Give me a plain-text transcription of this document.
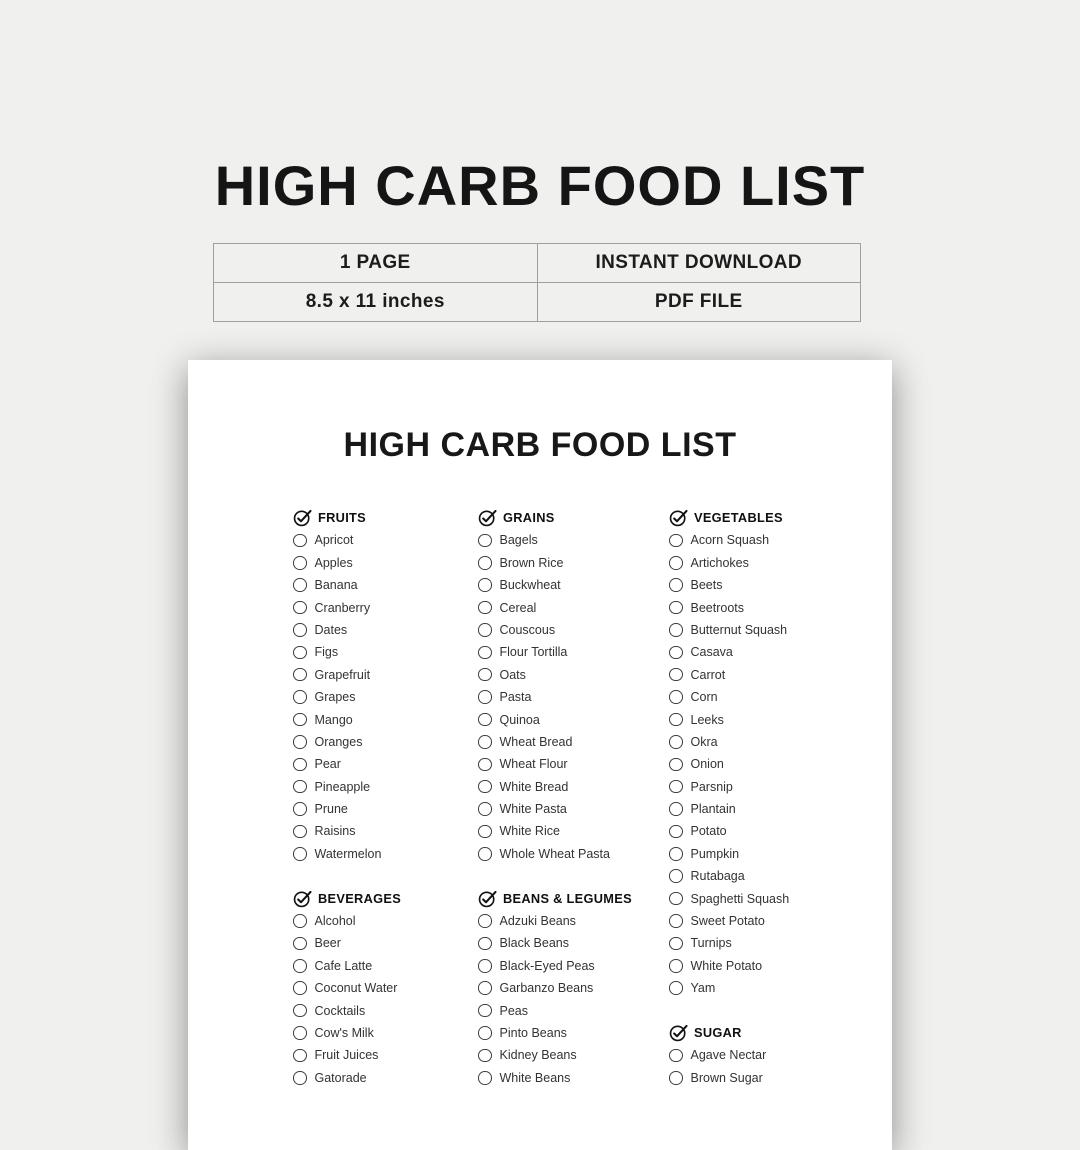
HIGH CARB FOOD LIST
1 PAGE	INSTANT DOWNLOAD
8.5 x 11 inches	PDF FILE
HIGH CARB FOOD LIST
FRUITS
Apricot
Apples
Banana
Cranberry
Dates
Figs
Grapefruit
Grapes
Mango
Oranges
Pear
Pineapple
Prune
Raisins
Watermelon
BEVERAGES
Alcohol
Beer
Cafe Latte
Coconut Water
Cocktails
Cow's Milk
Fruit Juices
Gatorade
GRAINS
Bagels
Brown Rice
Buckwheat
Cereal
Couscous
Flour Tortilla
Oats
Pasta
Quinoa
Wheat Bread
Wheat Flour
White Bread
White Pasta
White Rice
Whole Wheat Pasta
BEANS & LEGUMES
Adzuki Beans
Black Beans
Black-Eyed Peas
Garbanzo Beans
Peas
Pinto Beans
Kidney Beans
White Beans
VEGETABLES
Acorn Squash
Artichokes
Beets
Beetroots
Butternut Squash
Casava
Carrot
Corn
Leeks
Okra
Onion
Parsnip
Plantain
Potato
Pumpkin
Rutabaga
Spaghetti Squash
Sweet Potato
Turnips
White Potato
Yam
SUGAR
Agave Nectar
Brown Sugar
